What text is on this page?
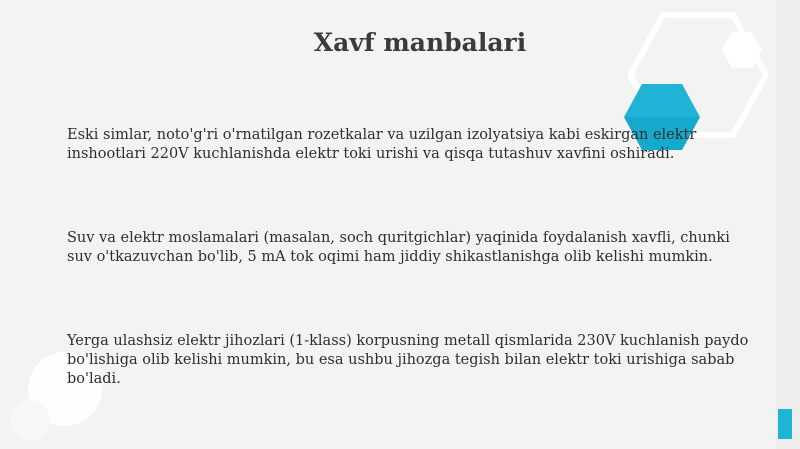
Xavf manbalari

Eski simlar, noto'g'ri o'rnatilgan rozetkalar va uzilgan izolyatsiya kabi eskirgan elektr inshootlari 220V kuchlanishda elektr toki urishi va qisqa tutashuv xavfini oshiradi.

Suv va elektr moslamalari (masalan, soch quritgichlar) yaqinida foydalanish xavfli, chunki suv o'tkazuvchan bo'lib, 5 mA tok oqimi ham jiddiy shikastlanishga olib kelishi mumkin.

Yerga ulashsiz elektr jihozlari (1-klass) korpusning metall qismlarida 230V kuchlanish paydo bo'lishiga olib kelishi mumkin, bu esa ushbu jihozga tegish bilan elektr toki urishiga sabab bo'ladi.
